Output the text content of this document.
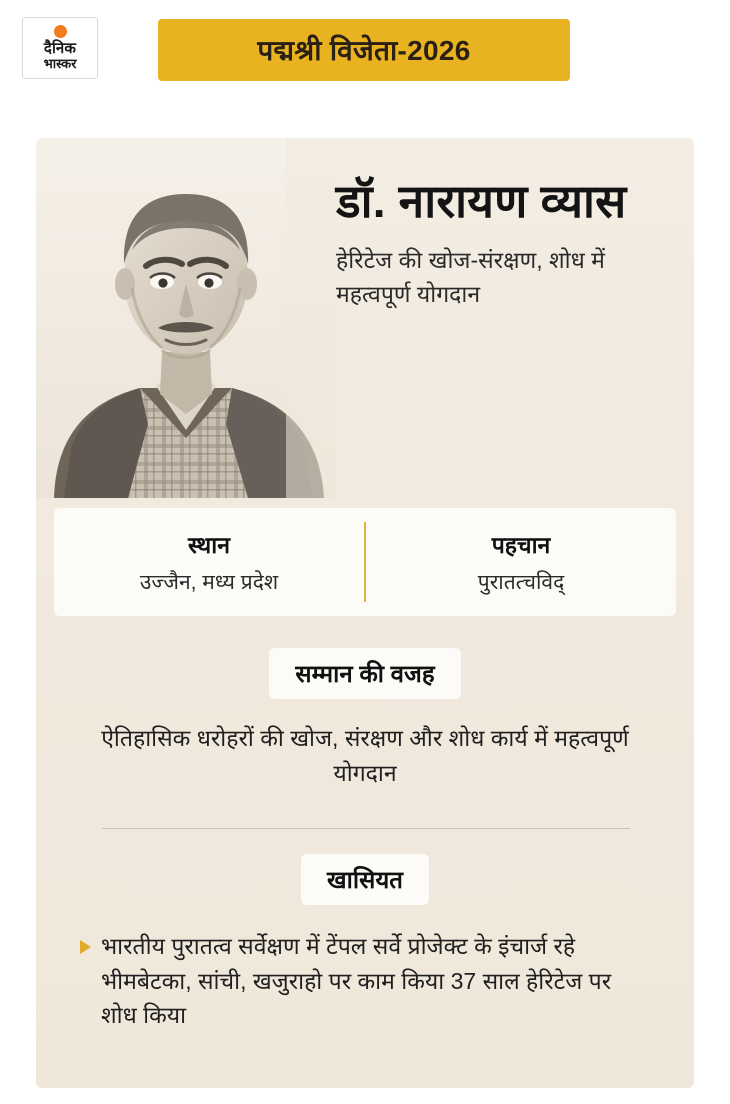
दैनिक
भास्कर	पद्मश्री विजेता-2026
डॉ. नारायण व्यास

हेरिटेज की खोज-संरक्षण, शोध में महत्वपूर्ण योगदान

स्थान
उज्जैन, मध्य प्रदेश
पहचान
पुरातत्चविद्
सम्मान की वजह
ऐतिहासिक धरोहरों की खोज, संरक्षण और शोध कार्य में महत्वपूर्ण योगदान
खासियत
भारतीय पुरातत्व सर्वेक्षण में टेंपल सर्वे प्रोजेक्ट के इंचार्ज रहे भीमबेटका, सांची, खजुराहो पर काम किया 37 साल हेरिटेज पर शोध किया
